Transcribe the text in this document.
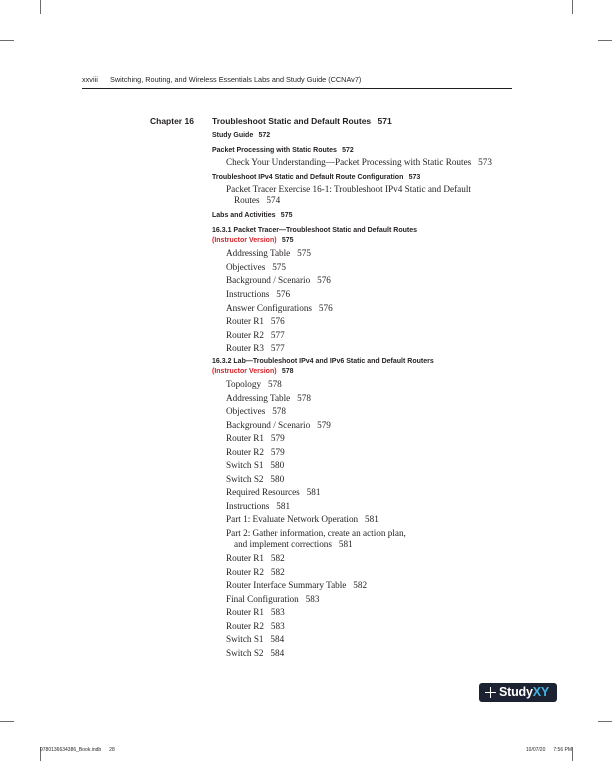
xxviii Switching, Routing, and Wireless Essentials Labs and Study Guide (CCNAv7)
Chapter 16 Troubleshoot Static and Default Routes 571
Study Guide 572
Packet Processing with Static Routes 572
Check Your Understanding—Packet Processing with Static Routes 573
Troubleshoot IPv4 Static and Default Route Configuration 573
Packet Tracer Exercise 16-1: Troubleshoot IPv4 Static and Default
Routes 574
Labs and Activities 575
16.3.1 Packet Tracer—Troubleshoot Static and Default Routes
(Instructor Version) 575
Addressing Table 575
Objectives 575
Background / Scenario 576
Instructions 576
Answer Configurations 576
Router R1 576
Router R2 577
Router R3 577
16.3.2 Lab—Troubleshoot IPv4 and IPv6 Static and Default Routers
(Instructor Version) 578
Topology 578
Addressing Table 578
Objectives 578
Background / Scenario 579
Router R1 579
Router R2 579
Switch S1 580
Switch S2 580
Required Resources 581
Instructions 581
Part 1: Evaluate Network Operation 581
Part 2: Gather information, create an action plan,
and implement corrections 581
Router R1 582
Router R2 582
Router Interface Summary Table 582
Final Configuration 583
Router R1 583
Router R2 583
Switch S1 584
Switch S2 584
StudyXY
9780136634386_Book.indb 28	10/07/20 7:56 PM
